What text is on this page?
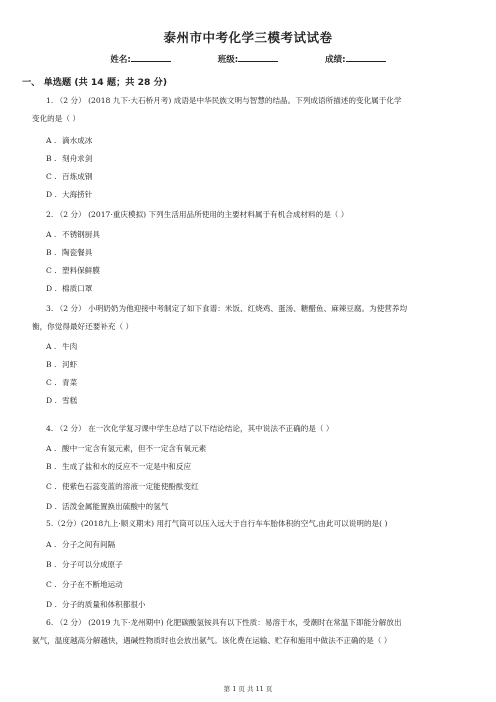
泰州市中考化学三模考试试卷
姓名:	班级:	成绩:
一、 单选题 (共 14 题；共 28 分)
1. （2 分） (2018 九下·大石桥月考) 成语是中华民族文明与智慧的结晶。下列成语所描述的变化属于化学
变化的是（ ）
A . 滴水成冰
B . 刻舟求剑
C . 百炼成钢
D . 大海捞针
2. （2 分） (2017·重庆模拟) 下列生活用品所使用的主要材料属于有机合成材料的是（ ）
A . 不锈钢厨具
B . 陶瓷餐具
C . 塑料保鲜膜
D . 棉质口罩
3. （2 分） 小明奶奶为他迎接中考制定了如下食谱：米饭、红烧鸡、蛋汤、糖醋鱼、麻辣豆腐。为使营养均
衡，你觉得最好还要补充（ ）
A . 牛肉
B . 河虾
C . 青菜
D . 雪糕
4. （2 分） 在一次化学复习课中学生总结了以下结论结论，其中说法不正确的是（ ）
A . 酸中一定含有氢元素，但不一定含有氧元素
B . 生成了盐和水的反应不一定是中和反应
C . 使紫色石蕊变蓝的溶液一定能使酚酞变红
D . 活泼金属能置换出硫酸中的氢气
5.（2分）(2018九上·顺义期末) 用打气筒可以压入远大于自行车车胎体积的空气,由此可以说明的是( )
A . 分子之间有间隔
B . 分子可以分成原子
C . 分子在不断地运动
D . 分子的质量和体积都很小
6. （2 分） (2019 九下·龙州期中) 化肥碳酸氢铵具有以下性质：易溶于水，受潮时在常温下即能分解放出
氨气，温度越高分解越快，遇碱性物质时也会放出氨气。该化费在运输、贮存和施用中做法不正确的是（ ）
第 1 页 共 11 页
